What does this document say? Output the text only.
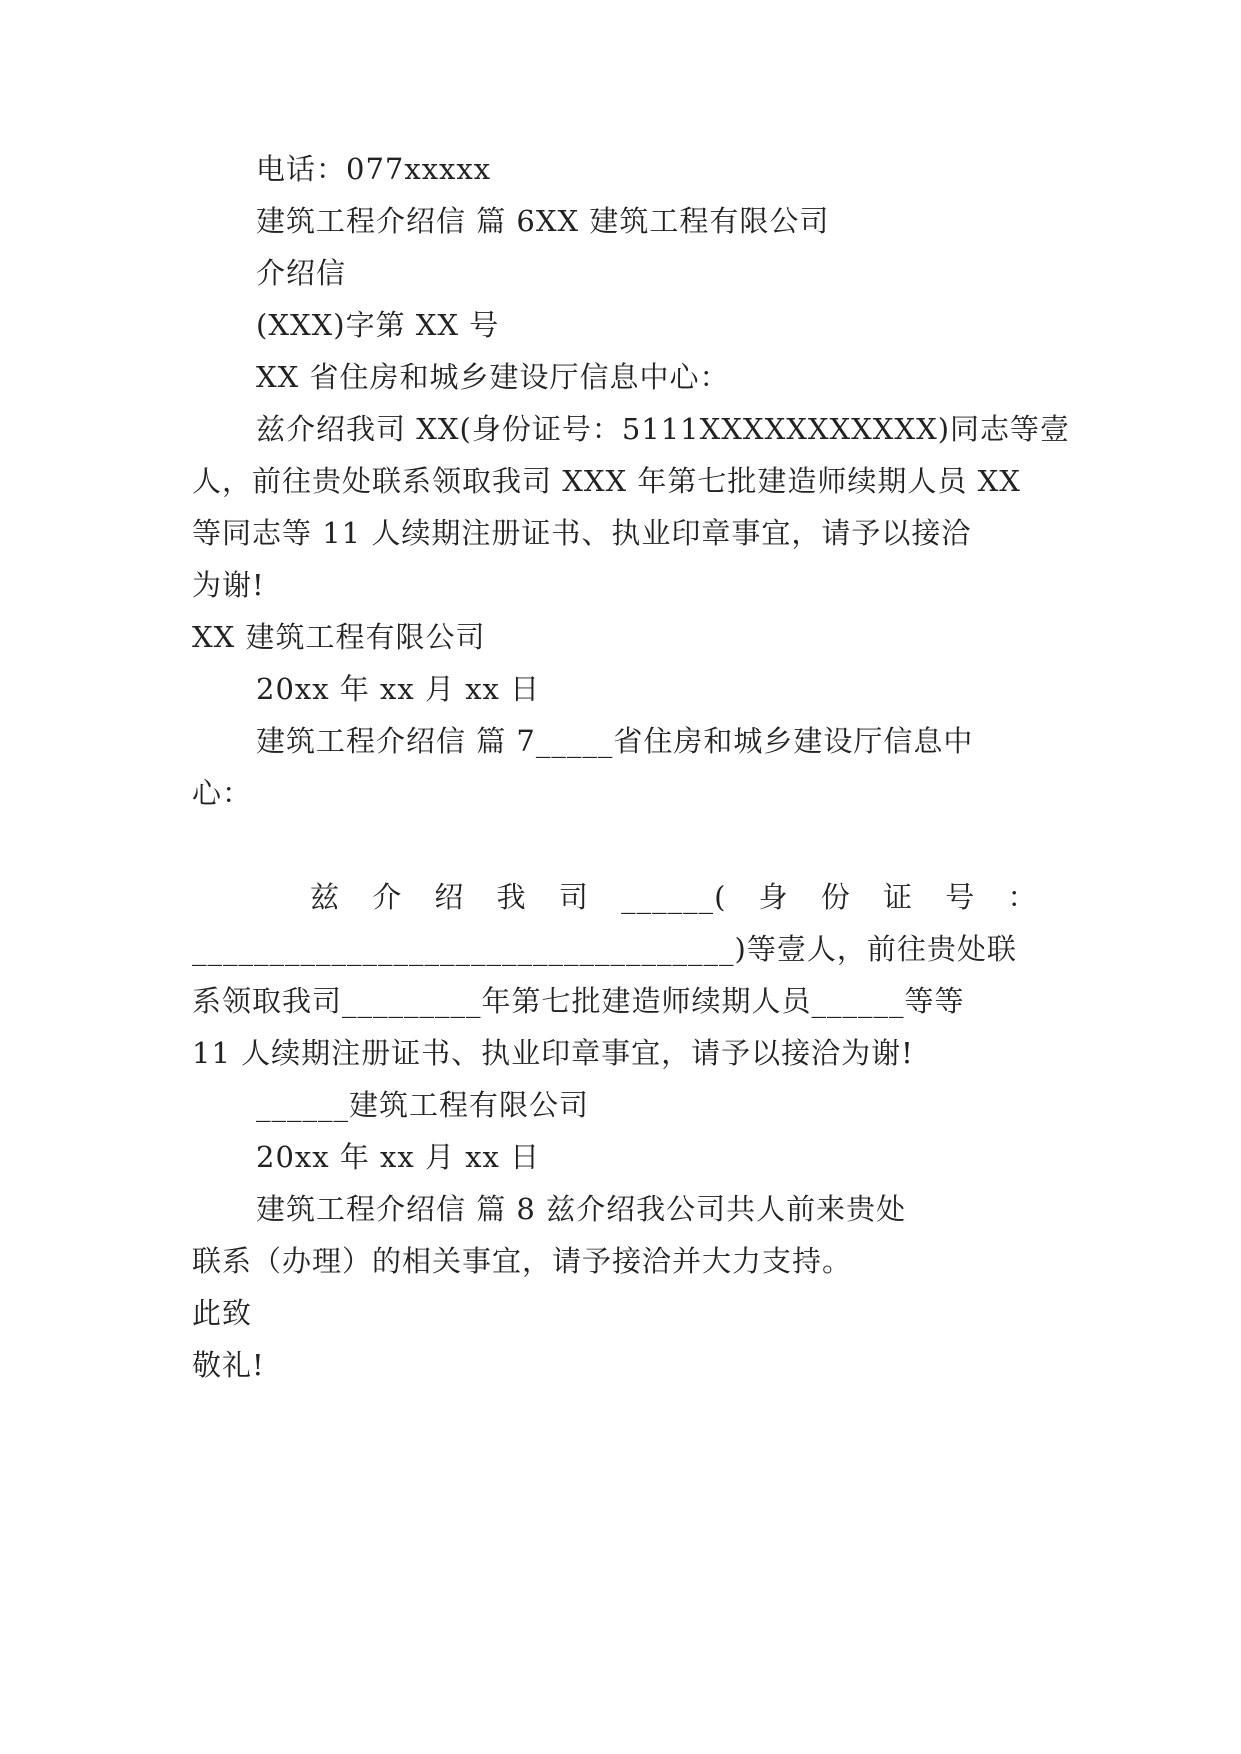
电话：077xxxxx
建筑工程介绍信 篇 6XX 建筑工程有限公司
介绍信
(XXX)字第 XX 号
XX 省住房和城乡建设厅信息中心：
兹介绍我司 XX(身份证号：5111XXXXXXXXXXX)同志等壹
人，前往贵处联系领取我司 XXX 年第七批建造师续期人员 XX
等同志等 11 人续期注册证书、执业印章事宜，请予以接洽
为谢!
XX 建筑工程有限公司
20xx 年 xx 月 xx 日
建筑工程介绍信 篇 7_____省住房和城乡建设厅信息中
心：
兹 介 绍 我 司 ______( 身 份 证 号 ：
___________________________________)等壹人，前往贵处联
系领取我司_________年第七批建造师续期人员______等等
11 人续期注册证书、执业印章事宜，请予以接洽为谢!
______建筑工程有限公司
20xx 年 xx 月 xx 日
建筑工程介绍信 篇 8 兹介绍我公司共人前来贵处
联系（办理）的相关事宜，请予接洽并大力支持。
此致
敬礼!
